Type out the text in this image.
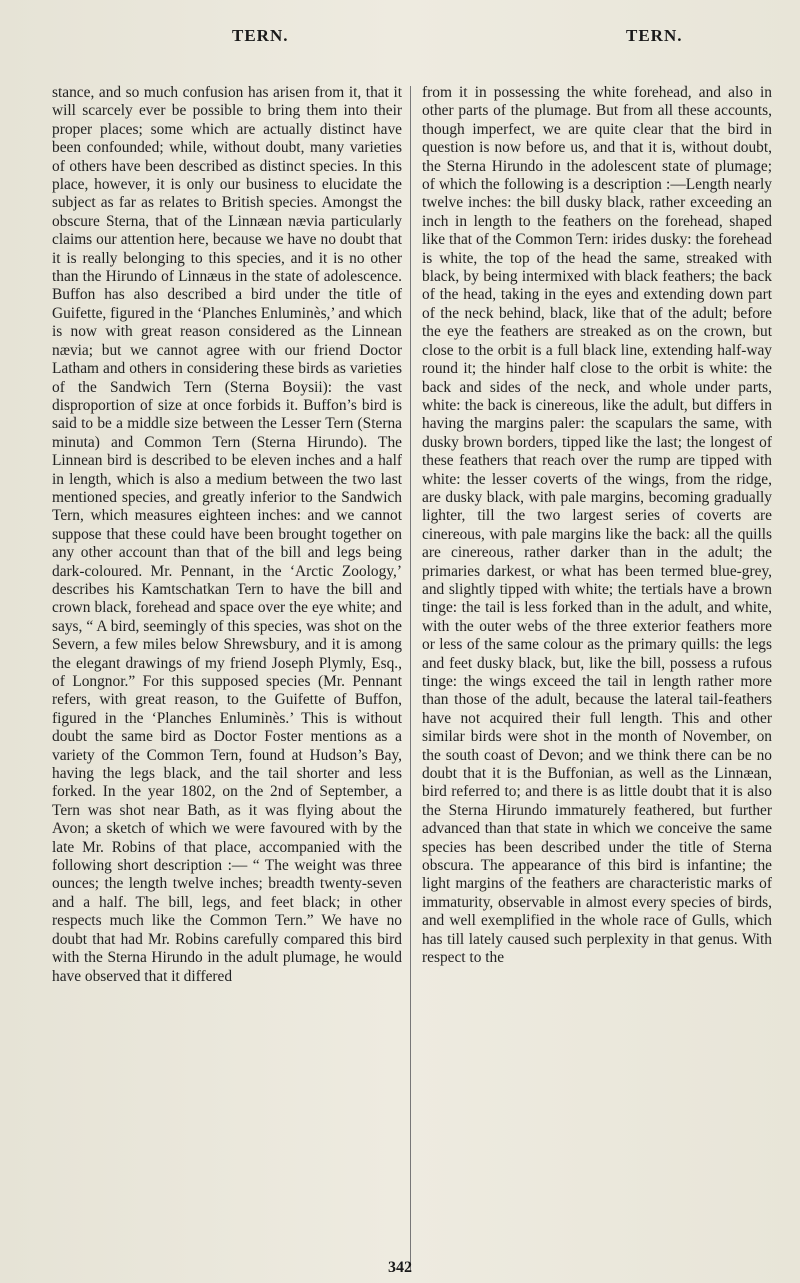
TERN.	TERN.

stance, and so much confusion has arisen from it, that it will scarcely ever be possible to bring them into their proper places; some which are actually distinct have been confounded; while, without doubt, many varieties of others have been described as distinct species. In this place, however, it is only our business to elucidate the subject as far as relates to British species. Amongst the obscure Sterna, that of the Linnæan nævia particularly claims our attention here, because we have no doubt that it is really belonging to this species, and it is no other than the Hirundo of Linnæus in the state of adolescence. Buffon has also described a bird under the title of Guifette, figured in the ‘Planches Enluminès,’ and which is now with great reason considered as the Linnean nævia; but we cannot agree with our friend Doctor Latham and others in considering these birds as varieties of the Sandwich Tern (Sterna Boysii): the vast disproportion of size at once forbids it. Buffon’s bird is said to be a middle size between the Lesser Tern (Sterna minuta) and Common Tern (Sterna Hirundo). The Linnean bird is described to be eleven inches and a half in length, which is also a medium between the two last mentioned species, and greatly inferior to the Sandwich Tern, which measures eighteen inches: and we cannot suppose that these could have been brought together on any other account than that of the bill and legs being dark-coloured. Mr. Pennant, in the ‘Arctic Zoology,’ describes his Kamtschatkan Tern to have the bill and crown black, forehead and space over the eye white; and says, “ A bird, seemingly of this species, was shot on the Severn, a few miles below Shrewsbury, and it is among the elegant drawings of my friend Joseph Plymly, Esq., of Longnor.” For this supposed species (Mr. Pennant refers, with great reason, to the Guifette of Buffon, figured in the ‘Planches Enluminès.’ This is without doubt the same bird as Doctor Foster mentions as a variety of the Common Tern, found at Hudson’s Bay, having the legs black, and the tail shorter and less forked. In the year 1802, on the 2nd of September, a Tern was shot near Bath, as it was flying about the Avon; a sketch of which we were favoured with by the late Mr. Robins of that place, accompanied with the following short description :— “ The weight was three ounces; the length twelve inches; breadth twenty-seven and a half. The bill, legs, and feet black; in other respects much like the Common Tern.” We have no doubt that had Mr. Robins carefully compared this bird with the Sterna Hirundo in the adult plumage, he would have observed that it differed

from it in possessing the white forehead, and also in other parts of the plumage. But from all these accounts, though imperfect, we are quite clear that the bird in question is now before us, and that it is, without doubt, the Sterna Hirundo in the adolescent state of plumage; of which the following is a description :—Length nearly twelve inches: the bill dusky black, rather exceeding an inch in length to the feathers on the forehead, shaped like that of the Common Tern: irides dusky: the forehead is white, the top of the head the same, streaked with black, by being intermixed with black feathers; the back of the head, taking in the eyes and extending down part of the neck behind, black, like that of the adult; before the eye the feathers are streaked as on the crown, but close to the orbit is a full black line, extending half-way round it; the hinder half close to the orbit is white: the back and sides of the neck, and whole under parts, white: the back is cinereous, like the adult, but differs in having the margins paler: the scapulars the same, with dusky brown borders, tipped like the last; the longest of these feathers that reach over the rump are tipped with white: the lesser coverts of the wings, from the ridge, are dusky black, with pale margins, becoming gradually lighter, till the two largest series of coverts are cinereous, with pale margins like the back: all the quills are cinereous, rather darker than in the adult; the primaries darkest, or what has been termed blue-grey, and slightly tipped with white; the tertials have a brown tinge: the tail is less forked than in the adult, and white, with the outer webs of the three exterior feathers more or less of the same colour as the primary quills: the legs and feet dusky black, but, like the bill, possess a rufous tinge: the wings exceed the tail in length rather more than those of the adult, because the lateral tail-feathers have not acquired their full length. This and other similar birds were shot in the month of November, on the south coast of Devon; and we think there can be no doubt that it is the Buffonian, as well as the Linnæan, bird referred to; and there is as little doubt that it is also the Sterna Hirundo immaturely feathered, but further advanced than that state in which we conceive the same species has been described under the title of Sterna obscura. The appearance of this bird is infantine; the light margins of the feathers are characteristic marks of immaturity, observable in almost every species of birds, and well exemplified in the whole race of Gulls, which has till lately caused such perplexity in that genus. With respect to the

342
